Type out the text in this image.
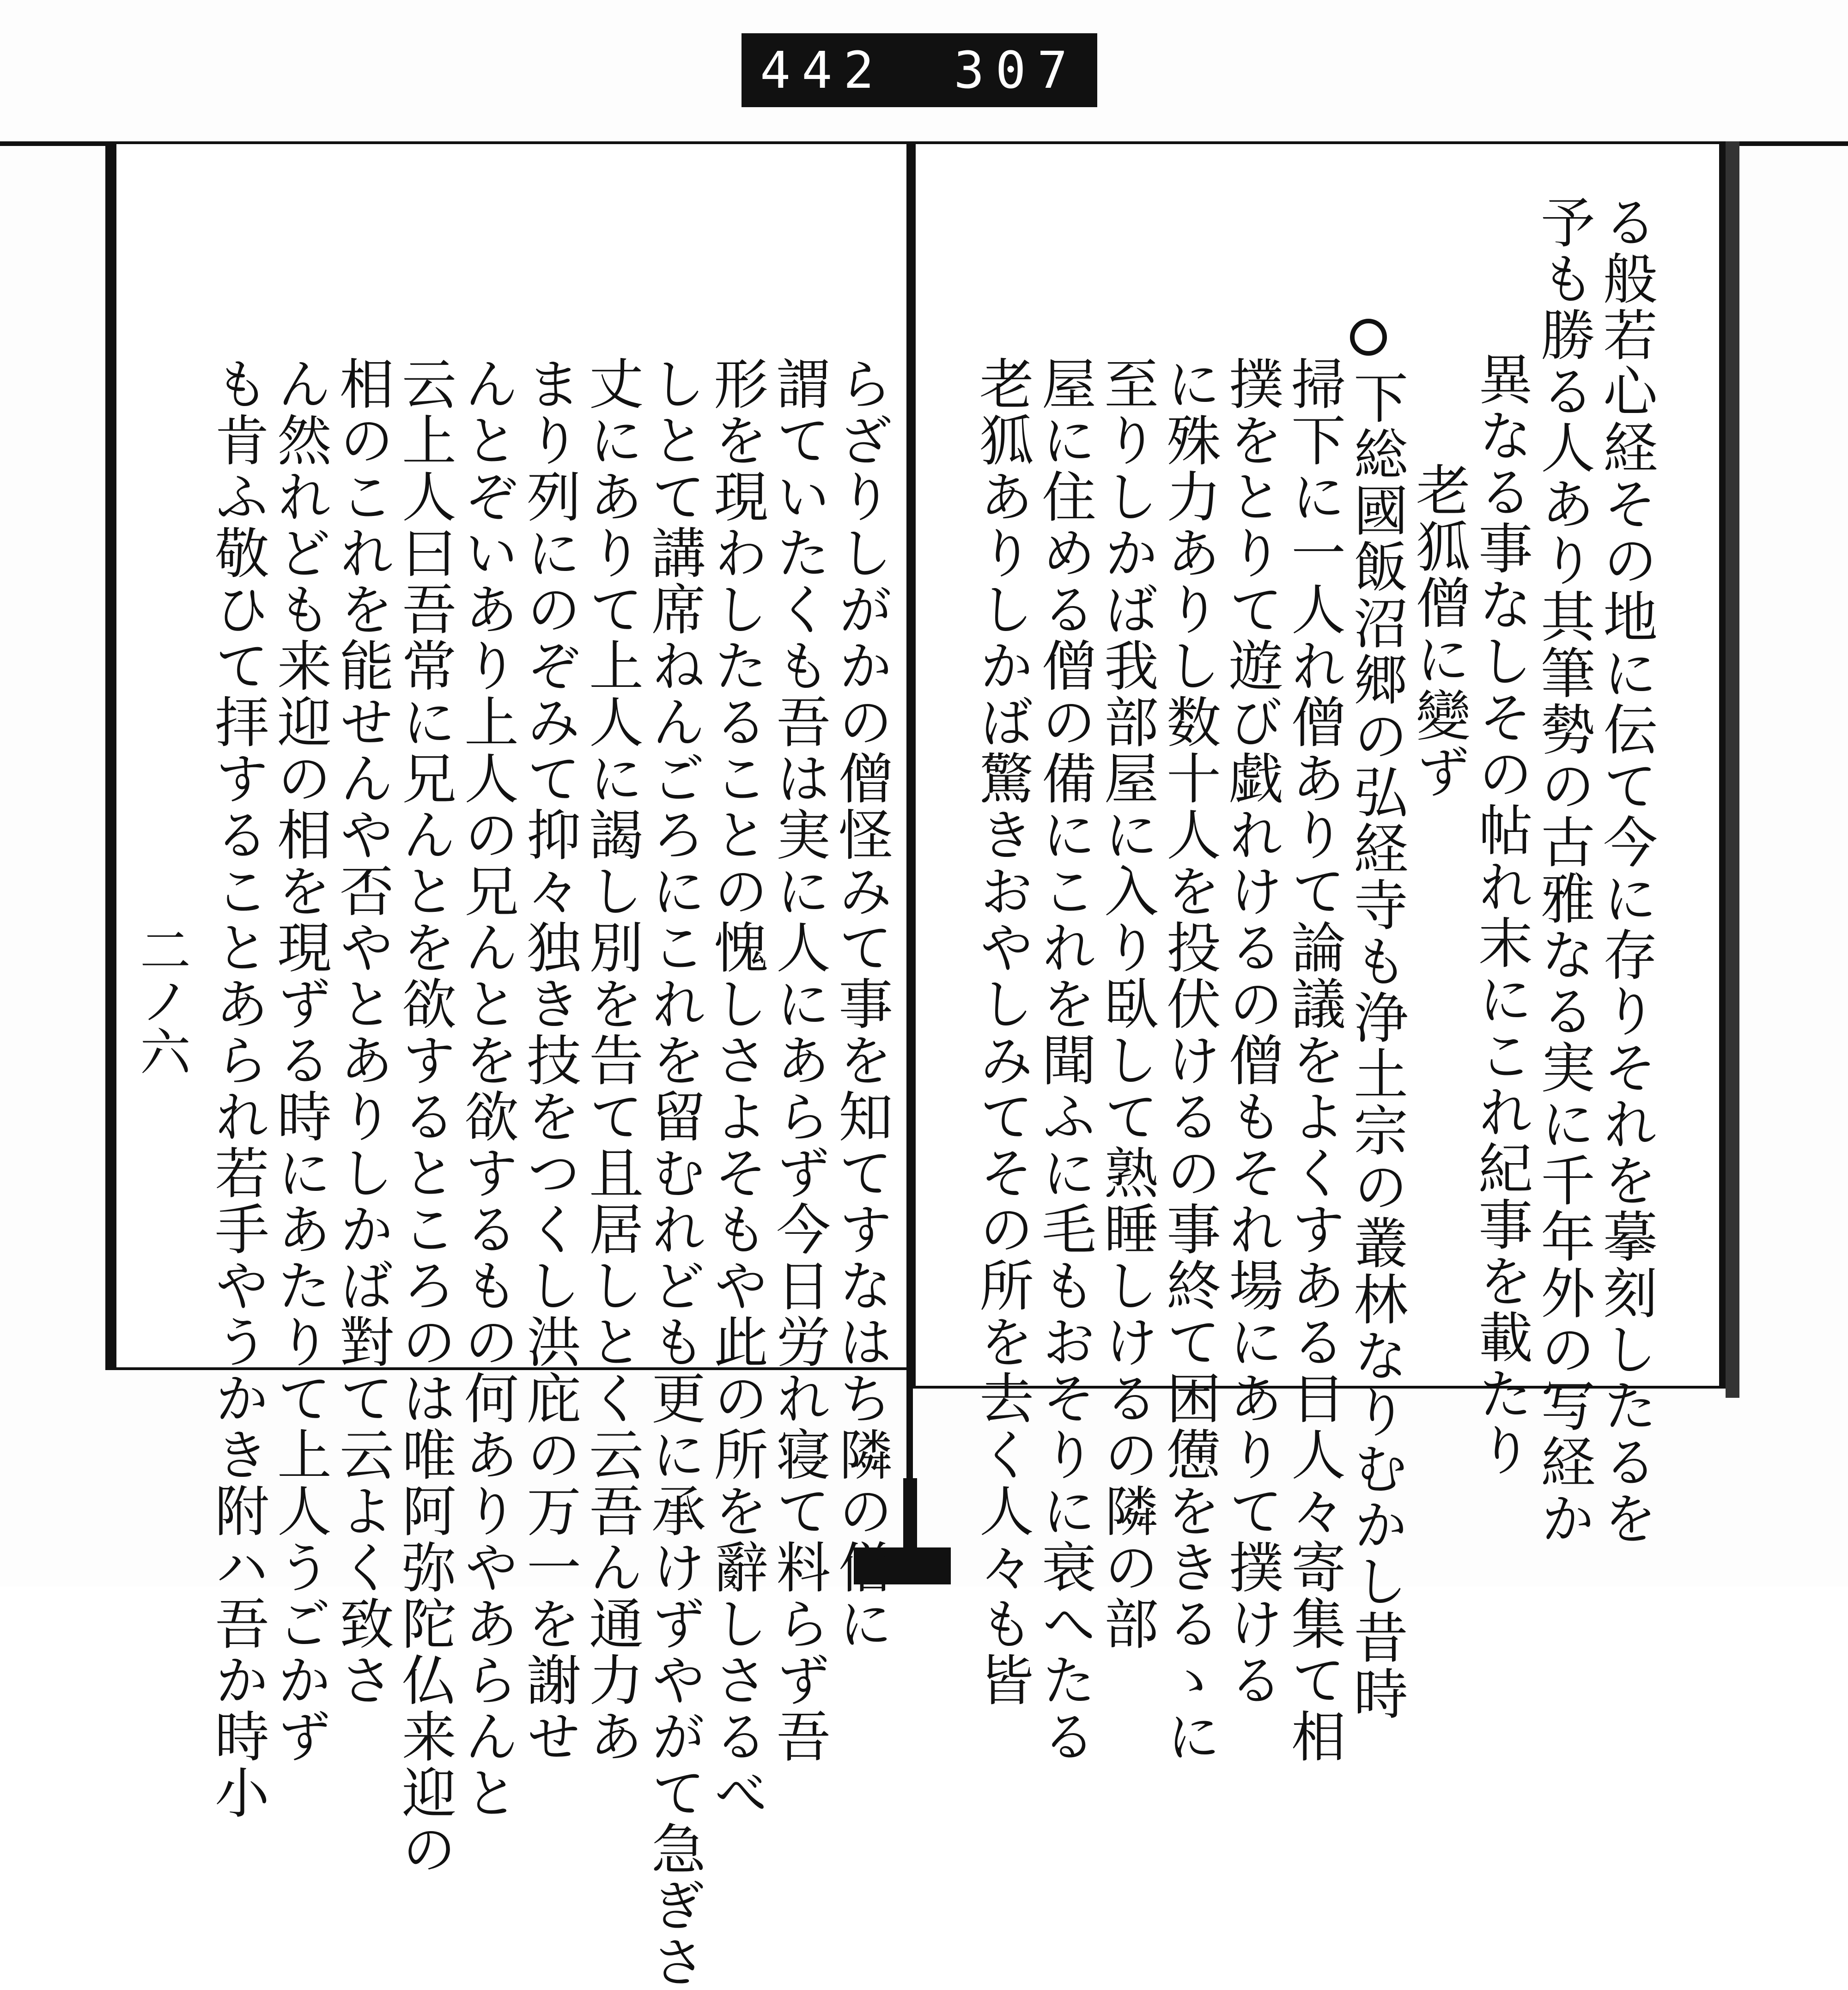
442 307
る般若心経その地に伝て今に存りそれを摹刻したるを
予も勝る人あり其筆勢の古雅なる実に千年外の写経か
異なる事なしその帖れ末にこれ紀事を載たり
老狐僧に變ず
下総國飯沼郷の弘経寺も浄土宗の叢林なりむかし昔時
掃下に一人れ僧ありて論議をよくすある日人々寄集て相
撲をとりて遊び戯れけるの僧もそれ場にありて撲ける
に殊力ありし数十人を投伏けるの事終て困憊をきるゝに
至りしかば我部屋に入り臥して熟睡しけるの隣の部
屋に住める僧の備にこれを聞ふに毛もおそりに衰へたる
老狐ありしかば驚きおやしみてその所を去く人々も皆
らざりしがかの僧怪みて事を知てすなはち隣の僧に
謂ていたくも吾は実に人にあらず今日労れ寝て料らず吾
形を現わしたることの愧しさよそもや此の所を辭しさるべ
しとて講席ねんごろにこれを留むれども更に承けずやがて急ぎさ
丈にありて上人に謁し別を告て且居しとく云吾ん通力あ
まり列にのぞみて抑々独き技をつくし洪庇の万一を謝せ
んとぞいあり上人の兄んとを欲するもの何ありやあらんと
云上人曰吾常に兄んとを欲するところのは唯阿弥陀仏来迎の
相のこれを能せんや否やとありしかば對て云よく致さ
ん然れども来迎の相を現ずる時にあたりて上人うごかず
も肯ふ敬ひて拝することあられ若手やうかき附ハ吾か時小
二ノ六
